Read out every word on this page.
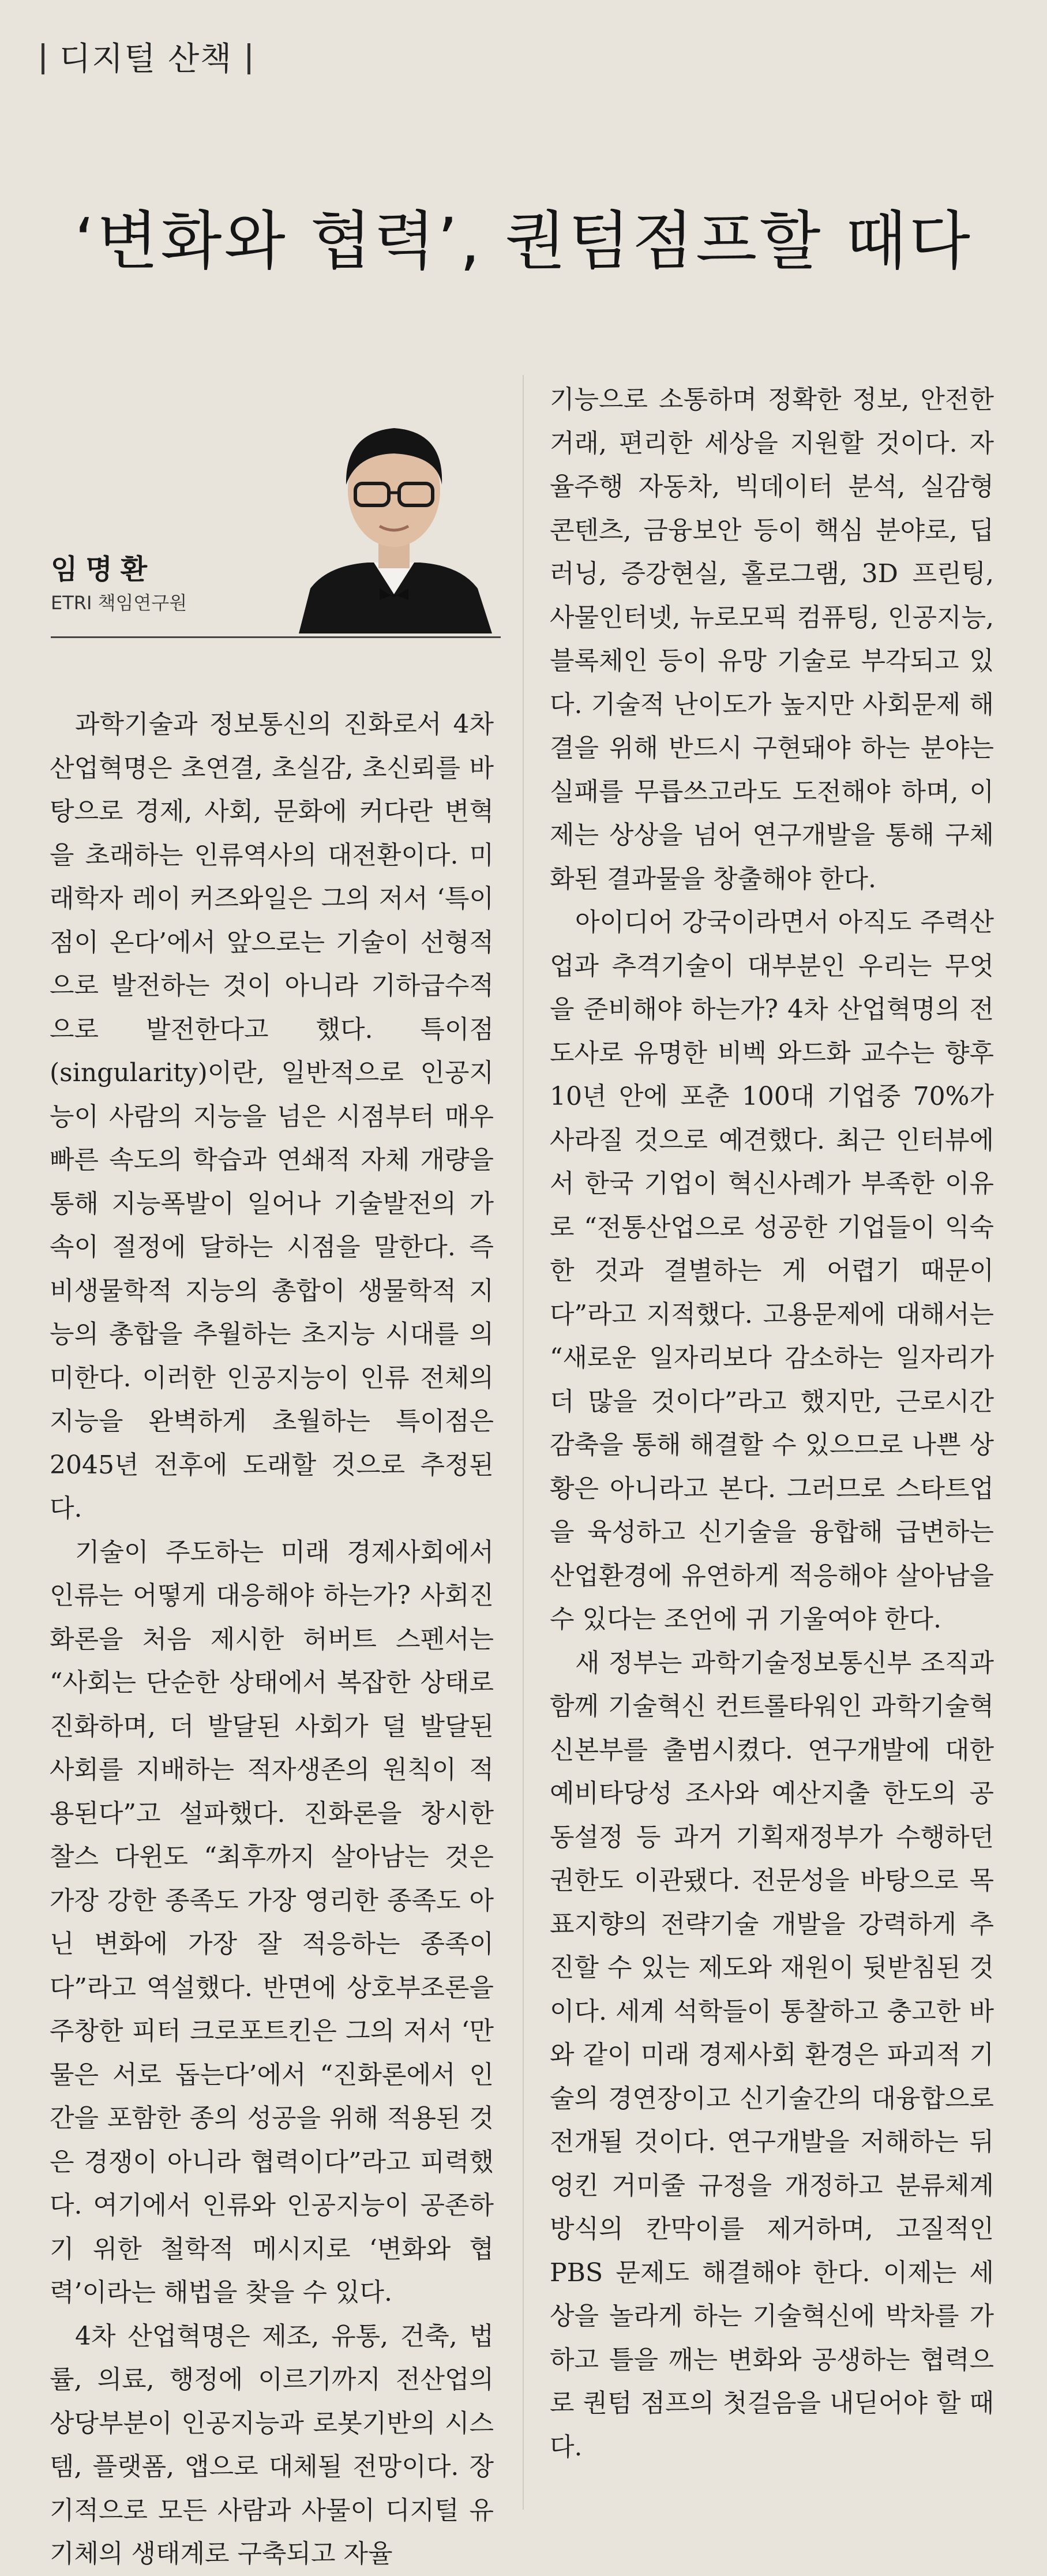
디지털 산책
‘변화와 협력’, 퀀텀점프할 때다
임명환
ETRI 책임연구원

과학기술과 정보통신의 진화로서 4차 산업혁명은 초연결, 초실감, 초신뢰를 바탕으로 경제, 사회, 문화에 커다란 변혁을 초래하는 인류역사의 대전환이다. 미래학자 레이 커즈와일은 그의 저서 ‘특이점이 온다’에서 앞으로는 기술이 선형적으로 발전하는 것이 아니라 기하급수적으로 발전한다고 했다. 특이점(singularity)이란, 일반적으로 인공지능이 사람의 지능을 넘은 시점부터 매우 빠른 속도의 학습과 연쇄적 자체 개량을 통해 지능폭발이 일어나 기술발전의 가속이 절정에 달하는 시점을 말한다. 즉 비생물학적 지능의 총합이 생물학적 지능의 총합을 추월하는 초지능 시대를 의미한다. 이러한 인공지능이 인류 전체의 지능을 완벽하게 초월하는 특이점은 2045년 전후에 도래할 것으로 추정된다.

기술이 주도하는 미래 경제사회에서 인류는 어떻게 대응해야 하는가? 사회진화론을 처음 제시한 허버트 스펜서는 “사회는 단순한 상태에서 복잡한 상태로 진화하며, 더 발달된 사회가 덜 발달된 사회를 지배하는 적자생존의 원칙이 적용된다”고 설파했다. 진화론을 창시한 찰스 다윈도 “최후까지 살아남는 것은 가장 강한 종족도 가장 영리한 종족도 아닌 변화에 가장 잘 적응하는 종족이다”라고 역설했다. 반면에 상호부조론을 주창한 피터 크로포트킨은 그의 저서 ‘만물은 서로 돕는다’에서 “진화론에서 인간을 포함한 종의 성공을 위해 적용된 것은 경쟁이 아니라 협력이다”라고 피력했다. 여기에서 인류와 인공지능이 공존하기 위한 철학적 메시지로 ‘변화와 협력’이라는 해법을 찾을 수 있다.

4차 산업혁명은 제조, 유통, 건축, 법률, 의료, 행정에 이르기까지 전산업의 상당부분이 인공지능과 로봇기반의 시스템, 플랫폼, 앱으로 대체될 전망이다. 장기적으로 모든 사람과 사물이 디지털 유기체의 생태계로 구축되고 자율

기능으로 소통하며 정확한 정보, 안전한 거래, 편리한 세상을 지원할 것이다. 자율주행 자동차, 빅데이터 분석, 실감형 콘텐츠, 금융보안 등이 핵심 분야로, 딥러닝, 증강현실, 홀로그램, 3D 프린팅, 사물인터넷, 뉴로모픽 컴퓨팅, 인공지능, 블록체인 등이 유망 기술로 부각되고 있다. 기술적 난이도가 높지만 사회문제 해결을 위해 반드시 구현돼야 하는 분야는 실패를 무릅쓰고라도 도전해야 하며, 이제는 상상을 넘어 연구개발을 통해 구체화된 결과물을 창출해야 한다.

아이디어 강국이라면서 아직도 주력산업과 추격기술이 대부분인 우리는 무엇을 준비해야 하는가? 4차 산업혁명의 전도사로 유명한 비벡 와드화 교수는 향후 10년 안에 포춘 100대 기업중 70%가 사라질 것으로 예견했다. 최근 인터뷰에서 한국 기업이 혁신사례가 부족한 이유로 “전통산업으로 성공한 기업들이 익숙한 것과 결별하는 게 어렵기 때문이다”라고 지적했다. 고용문제에 대해서는 “새로운 일자리보다 감소하는 일자리가 더 많을 것이다”라고 했지만, 근로시간 감축을 통해 해결할 수 있으므로 나쁜 상황은 아니라고 본다. 그러므로 스타트업을 육성하고 신기술을 융합해 급변하는 산업환경에 유연하게 적응해야 살아남을 수 있다는 조언에 귀 기울여야 한다.

새 정부는 과학기술정보통신부 조직과 함께 기술혁신 컨트롤타워인 과학기술혁신본부를 출범시켰다. 연구개발에 대한 예비타당성 조사와 예산지출 한도의 공동설정 등 과거 기획재정부가 수행하던 권한도 이관됐다. 전문성을 바탕으로 목표지향의 전략기술 개발을 강력하게 추진할 수 있는 제도와 재원이 뒷받침된 것이다. 세계 석학들이 통찰하고 충고한 바와 같이 미래 경제사회 환경은 파괴적 기술의 경연장이고 신기술간의 대융합으로 전개될 것이다. 연구개발을 저해하는 뒤엉킨 거미줄 규정을 개정하고 분류체계 방식의 칸막이를 제거하며, 고질적인 PBS 문제도 해결해야 한다. 이제는 세상을 놀라게 하는 기술혁신에 박차를 가하고 틀을 깨는 변화와 공생하는 협력으로 퀀텀 점프의 첫걸음을 내딛어야 할 때다.
